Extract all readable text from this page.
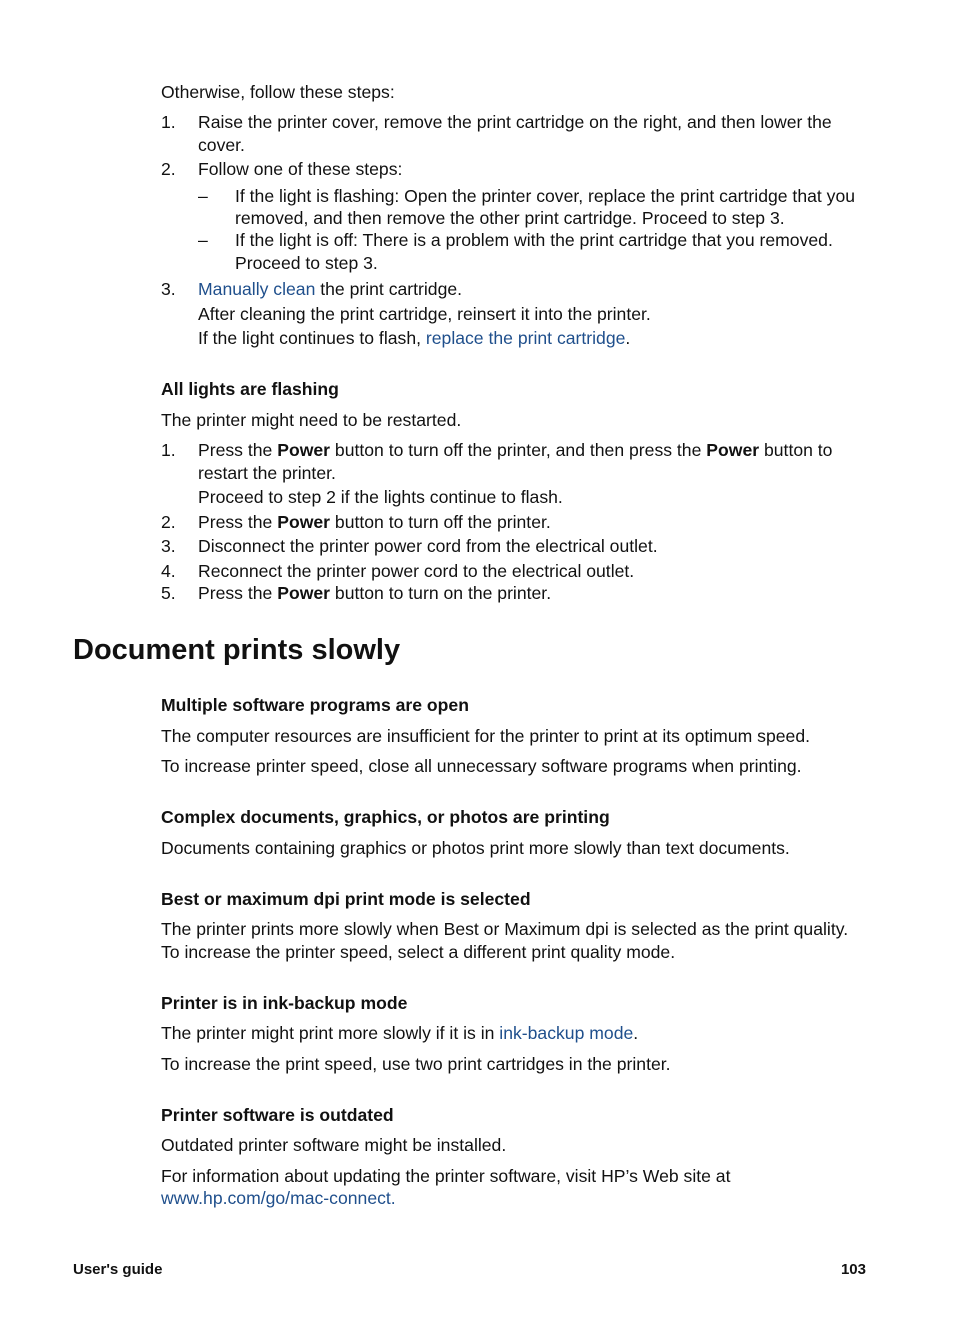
Otherwise, follow these steps:

1. Raise the printer cover, remove the print cartridge on the right, and then lower the

cover.

2. Follow one of these steps:

– If the light is flashing: Open the printer cover, replace the print cartridge that you

removed, and then remove the other print cartridge. Proceed to step 3.

– If the light is off: There is a problem with the print cartridge that you removed.

Proceed to step 3.

3. Manually clean the print cartridge.

After cleaning the print cartridge, reinsert it into the printer.

If the light continues to flash, replace the print cartridge.

All lights are flashing

The printer might need to be restarted.

1. Press the Power button to turn off the printer, and then press the Power button to

restart the printer.

Proceed to step 2 if the lights continue to flash.

2. Press the Power button to turn off the printer.

3. Disconnect the printer power cord from the electrical outlet.

4. Reconnect the printer power cord to the electrical outlet.

5. Press the Power button to turn on the printer.

Document prints slowly

Multiple software programs are open

The computer resources are insufficient for the printer to print at its optimum speed.

To increase printer speed, close all unnecessary software programs when printing.

Complex documents, graphics, or photos are printing

Documents containing graphics or photos print more slowly than text documents.

Best or maximum dpi print mode is selected

The printer prints more slowly when Best or Maximum dpi is selected as the print quality.

To increase the printer speed, select a different print quality mode.

Printer is in ink-backup mode

The printer might print more slowly if it is in ink-backup mode.

To increase the print speed, use two print cartridges in the printer.

Printer software is outdated

Outdated printer software might be installed.

For information about updating the printer software, visit HP’s Web site at

www.hp.com/go/mac-connect.

User's guide	103
